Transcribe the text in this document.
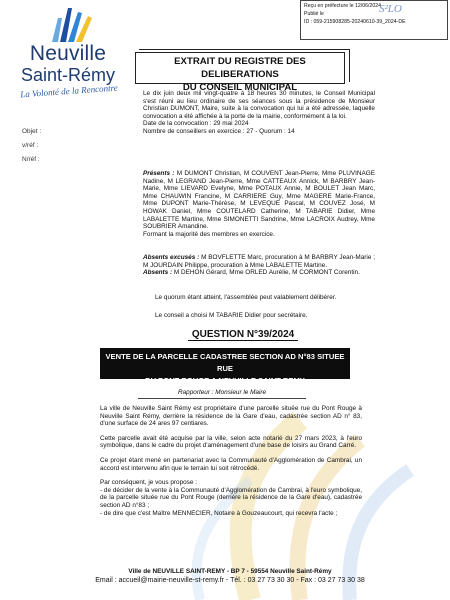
Reçu en préfecture le 12/06/2024
Publié le
ID : 059-215908285-20240610-39_2024-DE
S²LO
Neuville
Saint-Rémy
La Volonté de la Rencontre
Objet :
v/réf :
N/réf :
EXTRAIT DU REGISTRE DES DELIBERATIONS
DU CONSEIL MUNICIPAL

Le dix juin deux mil vingt-quatre à 18 heures 30 minutes, le Conseil Municipal s'est réuni au lieu ordinaire de ses séances sous la présidence de Monsieur Christian DUMONT, Maire, suite à la convocation qui lui a été adressée, laquelle convocation a été affichée à la porte de la mairie, conformément à la loi.

Date de la convocation : 29 mai 2024

Nombre de conseillers en exercice : 27 - Quorum : 14

Présents : M DUMONT Christian, M COUVENT Jean-Pierre, Mme PLUVINAGE Nadine, M LEGRAND Jean-Pierre, Mme CATTEAUX Annick, M BARBRY Jean-Marie, Mme LIEVARD Evelyne, Mme POTAUX Annie, M BOULET Jean Marc, Mme CHAUWIN Francine, M CARRIERE Guy, Mme MAGERE Marie-France, Mme DUPONT Marie-Thérèse, M LEVEQUE Pascal, M COUVEZ José, M HOWAK Daniel, Mme COUTELARD Catherine, M TABARIE Didier, Mme LABALETTE Martine, Mme SIMONETTI Sandrine, Mme LACROIX Audrey, Mme SOUBRIER Amandine.

Formant la majorité des membres en exercice.

Absents excusés : M BOVFLETTE Marc, procuration à M BARBRY Jean-Marie ; M JOURDAIN Philippe, procuration à Mme LABALETTE Martine.

Absents : M DEHON Gérard, Mme ORLED Aurélie, M CORMONT Corentin.

Le quorum étant atteint, l'assemblée peut valablement délibérer.
Le conseil a choisi M TABARIE Didier pour secrétaire.
QUESTION N°39/2024
VENTE DE LA PARCELLE CADASTREE SECTION AD N°83 SITUEE RUE
DU PONT ROUGE A NEUVILLE SAINT REMY
Rapporteur : Monsieur le Maire

La ville de Neuville Saint Rémy est propriétaire d'une parcelle située rue du Pont Rouge à Neuville Saint Rémy, derrière la résidence de la Gare d'eau, cadastrée section AD n° 83, d'une surface de 24 ares 97 centiares.

Cette parcelle avait été acquise par la ville, selon acte notarié du 27 mars 2023, à l'euro symbolique, dans le cadre du projet d'aménagement d'une base de loisirs au Grand Carré.

Ce projet étant mené en partenariat avec la Communauté d'Agglomération de Cambrai, un accord est intervenu afin que le terrain lui soit rétrocédé.

Par conséquent, je vous propose :

- de décider de la vente à la Communauté d'Agglomération de Cambrai, à l'euro symbolique, de la parcelle située rue du Pont Rouge (derrière la résidence de la Gare d'eau), cadastrée section AD n°83 ;

- de dire que c'est Maître MENNECIER, Notaire à Gouzeaucourt, qui recevra l'acte ;

Ville de NEUVILLE SAINT-REMY - BP 7 - 59554 Neuville Saint-Rémy
Email : accueil@mairie-neuville-st-remy.fr - Tél. : 03 27 73 30 30 - Fax : 03 27 73 30 38
